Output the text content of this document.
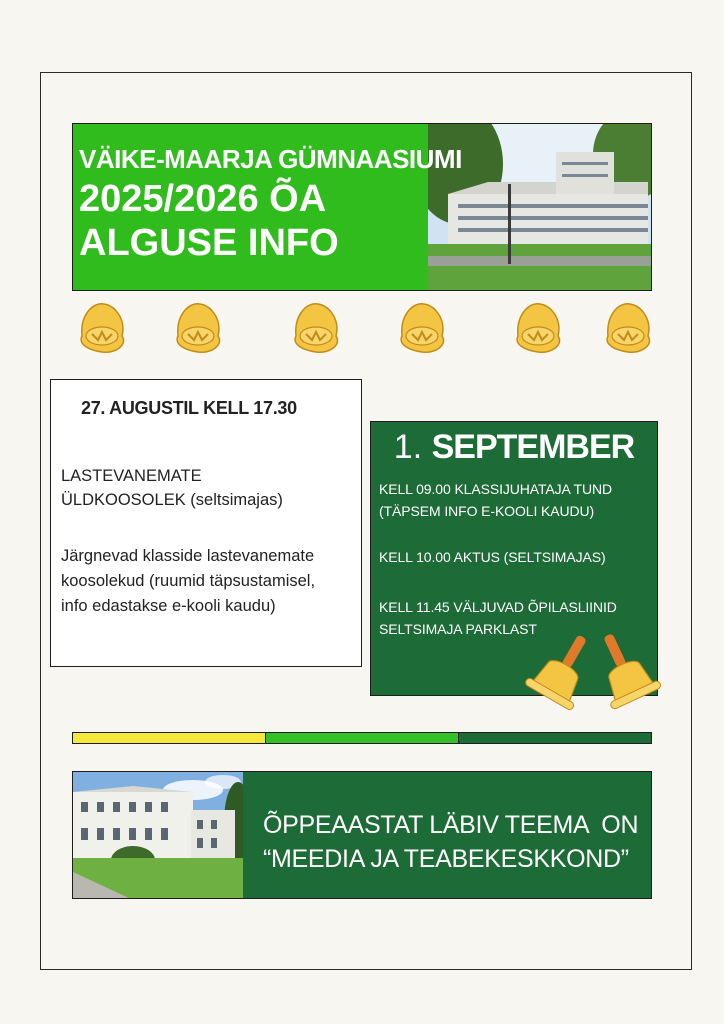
VÄIKE-MAARJA GÜMNAASIUMI
2025/2026 ÕA
ALGUSE INFO
27. AUGUSTIL KELL 17.30
LASTEVANEMATE
ÜLDKOOSOLEK (seltsimajas)
Järgnevad klasside lastevanemate
koosolekud (ruumid täpsustamisel,
info edastakse e-kooli kaudu)
1. SEPTEMBER
KELL 09.00 KLASSIJUHATAJA TUND
(TÄPSEM INFO E-KOOLI KAUDU)
KELL 10.00 AKTUS (SELTSIMAJAS)
KELL 11.45 VÄLJUVAD ÕPILASLIINID
SELTSIMAJA PARKLAST
ÕPPEAASTAT LÄBIV TEEMA  ON
“MEEDIA JA TEABEKESKKOND”
